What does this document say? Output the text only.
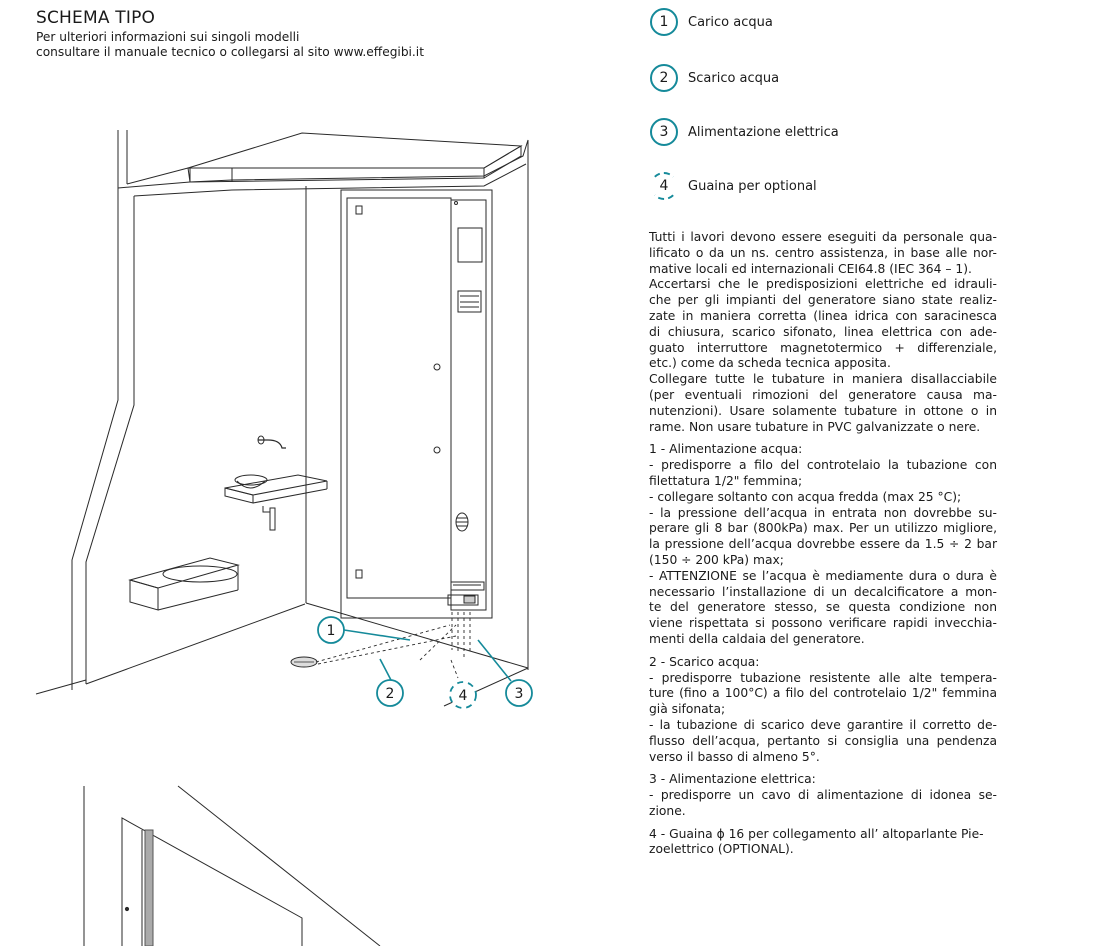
SCHEMA TIPO
Per ulteriori informazioni sui singoli modelli
consultare il manuale tecnico o collegarsi al sito www.effegibi.it
1
2	3
4
1	Carico acqua
2	Scarico acqua
3	Alimentazione elettrica
4	Guaina per optional
Tutti i lavori devono essere eseguiti da personale qua-
lificato o da un ns. centro assistenza, in base alle nor-
mative locali ed internazionali CEI64.8 (IEC 364 – 1).
Accertarsi che le predisposizioni elettriche ed idrauli-
che per gli impianti del generatore siano state realiz-
zate in maniera corretta (linea idrica con saracinesca
di chiusura, scarico sifonato, linea elettrica con ade-
guato interruttore magnetotermico + differenziale,
etc.) come da scheda tecnica apposita.
Collegare tutte le tubature in maniera disallacciabile
(per eventuali rimozioni del generatore causa ma-
nutenzioni). Usare solamente tubature in ottone o in
rame. Non usare tubature in PVC galvanizzate o nere.
1 - Alimentazione acqua:
- predisporre a filo del controtelaio la tubazione con
filettatura 1/2" femmina;
- collegare soltanto con acqua fredda (max 25 °C);
- la pressione dell’acqua in entrata non dovrebbe su-
perare gli 8 bar (800kPa) max. Per un utilizzo migliore,
la pressione dell’acqua dovrebbe essere da 1.5 ÷ 2 bar
(150 ÷ 200 kPa) max;
- ATTENZIONE se l’acqua è mediamente dura o dura è
necessario l’installazione di un decalcificatore a mon-
te del generatore stesso, se questa condizione non
viene rispettata si possono verificare rapidi invecchia-
menti della caldaia del generatore.
2 - Scarico acqua:
- predisporre tubazione resistente alle alte tempera-
ture (fino a 100°C) a filo del controtelaio 1/2" femmina
già sifonata;
- la tubazione di scarico deve garantire il corretto de-
flusso dell’acqua, pertanto si consiglia una pendenza
verso il basso di almeno 5°.
3 - Alimentazione elettrica:
- predisporre un cavo di alimentazione di idonea se-
zione.
4 - Guaina ϕ 16 per collegamento all’ altoparlante Pie-
zoelettrico (OPTIONAL).
